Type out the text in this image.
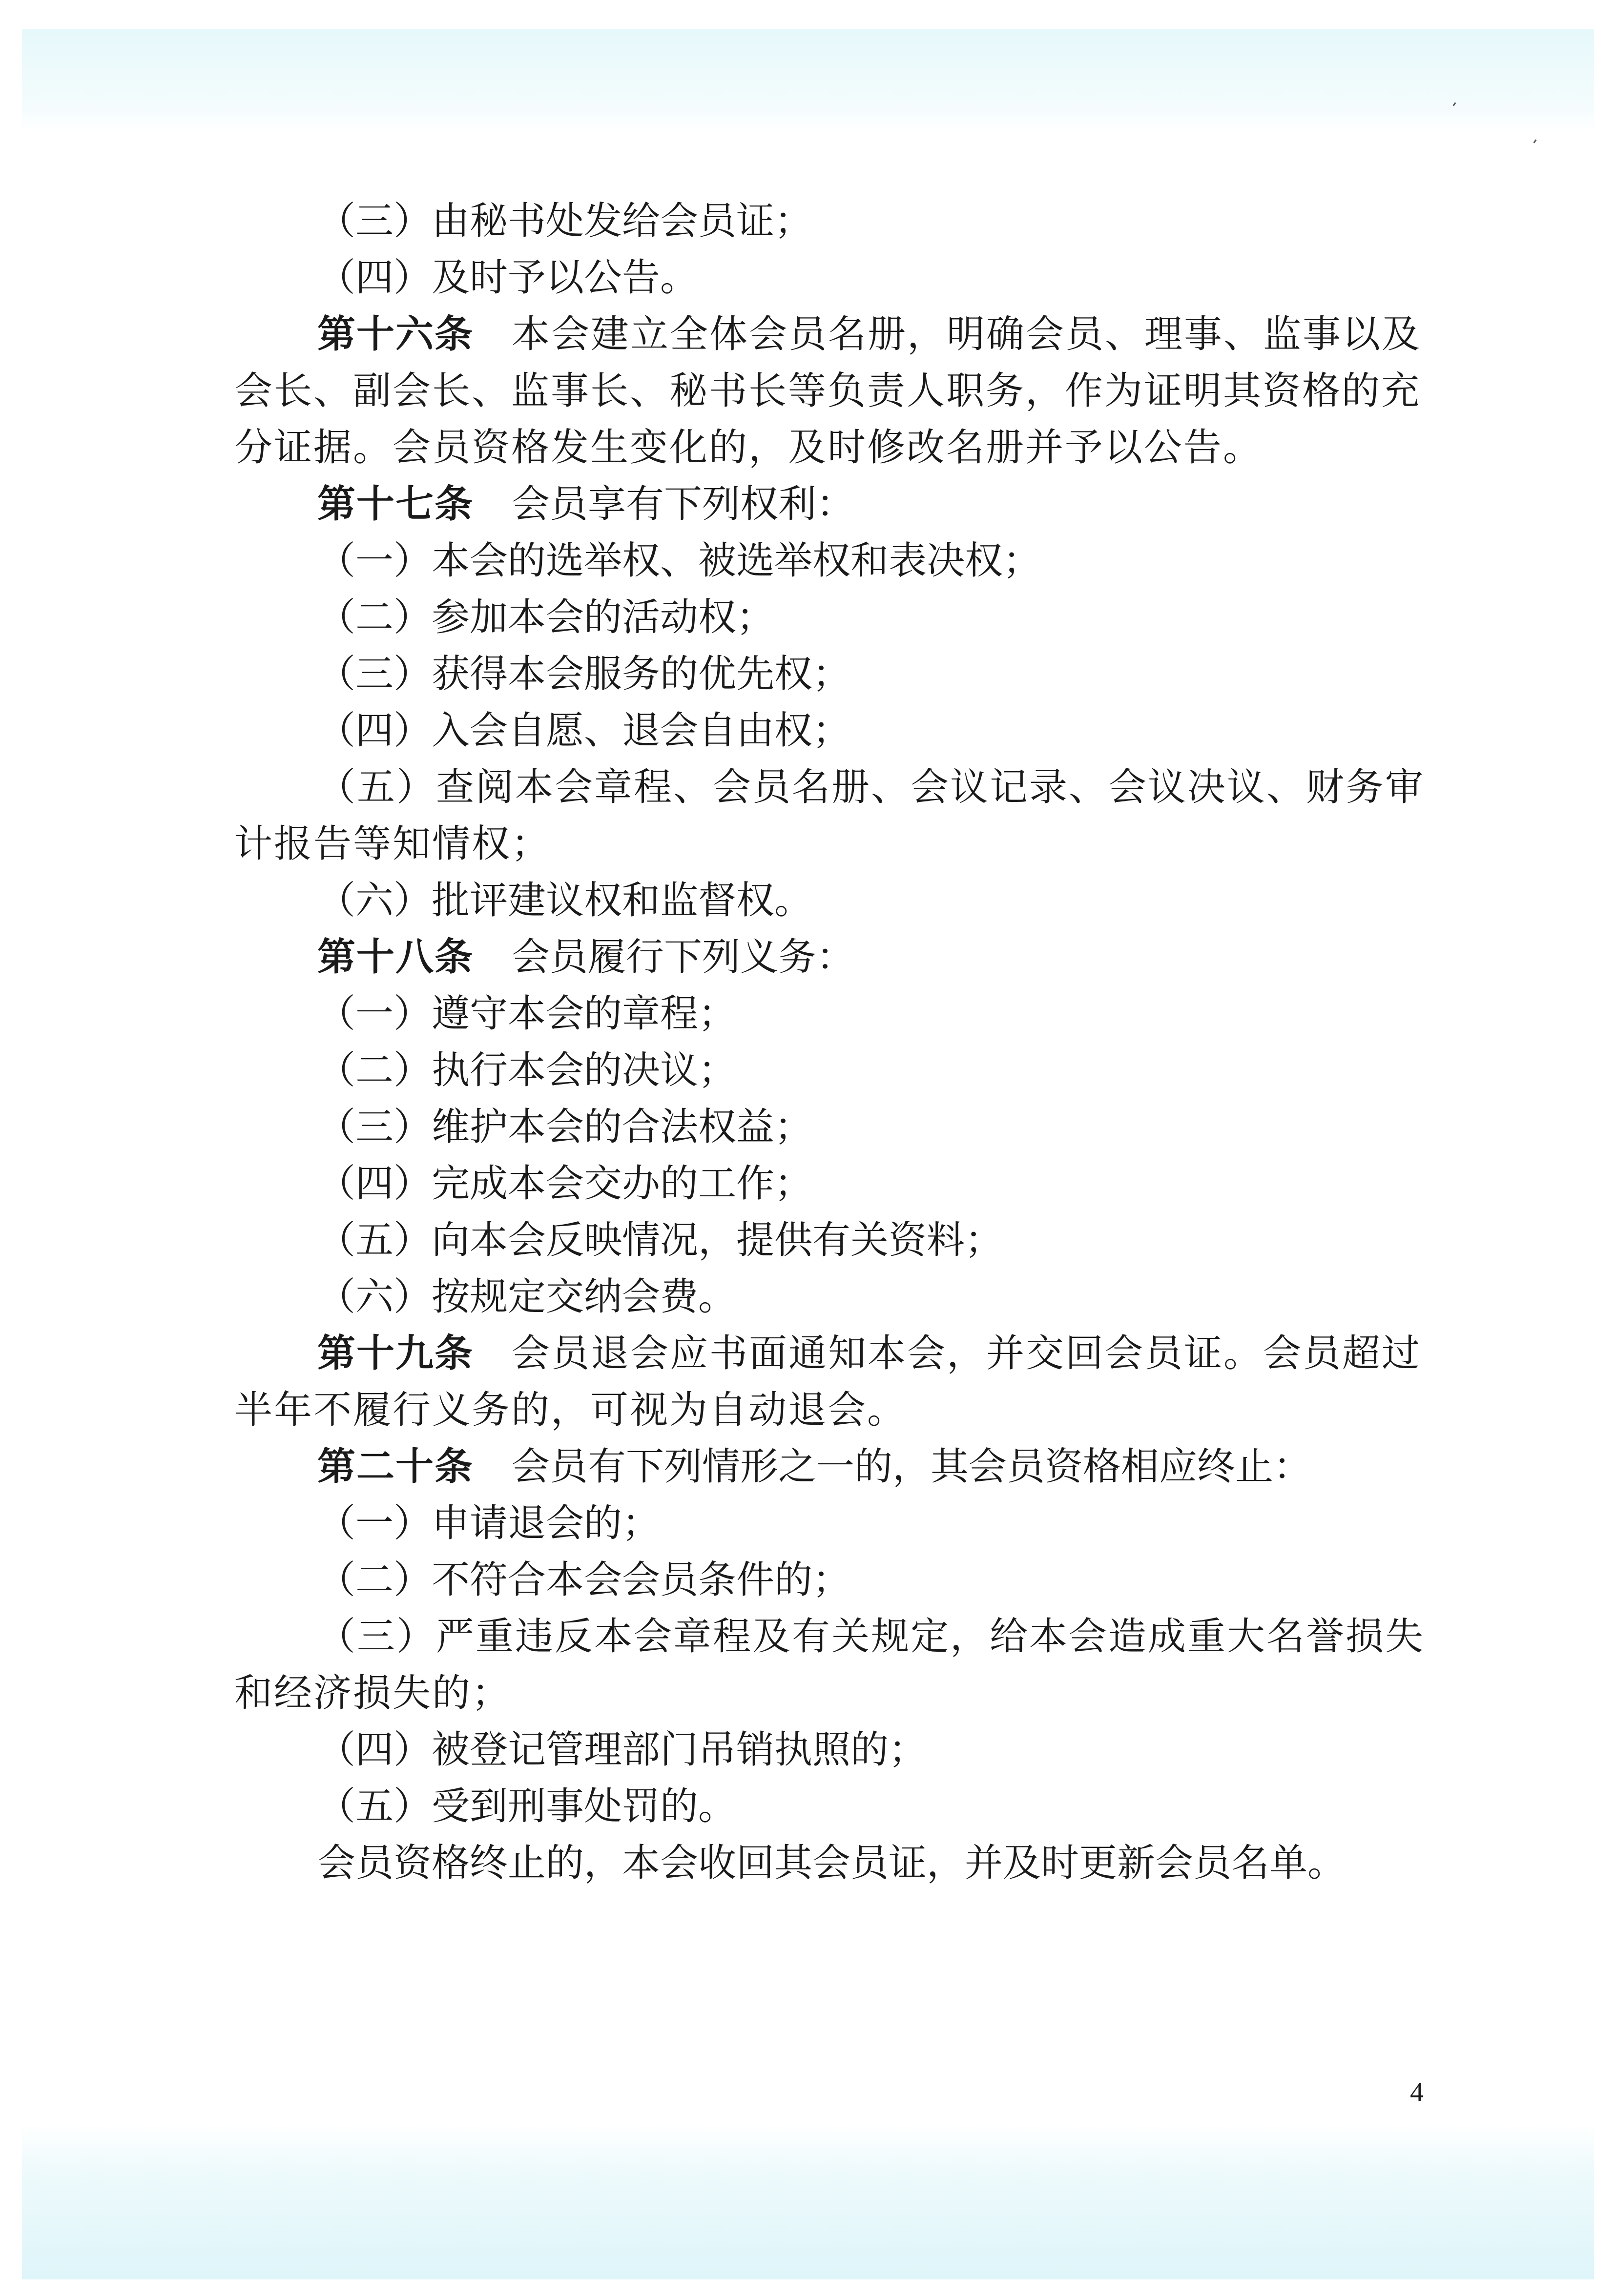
（三）由秘书处发给会员证；
（四）及时予以公告。
第十六条 本会建立全体会员名册，明确会员、理事、监事以及会长、副会长、监事长、秘书长等负责人职务，作为证明其资格的充分证据。会员资格发生变化的，及时修改名册并予以公告。
第十七条 会员享有下列权利：
（一）本会的选举权、被选举权和表决权；
（二）参加本会的活动权；
（三）获得本会服务的优先权；
（四）入会自愿、退会自由权；
（五）查阅本会章程、会员名册、会议记录、会议决议、财务审计报告等知情权；
（六）批评建议权和监督权。
第十八条 会员履行下列义务：
（一）遵守本会的章程；
（二）执行本会的决议；
（三）维护本会的合法权益；
（四）完成本会交办的工作；
（五）向本会反映情况，提供有关资料；
（六）按规定交纳会费。
第十九条 会员退会应书面通知本会，并交回会员证。会员超过半年不履行义务的，可视为自动退会。
第二十条 会员有下列情形之一的，其会员资格相应终止：
（一）申请退会的；
（二）不符合本会会员条件的；
（三）严重违反本会章程及有关规定，给本会造成重大名誉损失和经济损失的；
（四）被登记管理部门吊销执照的；
（五）受到刑事处罚的。
会员资格终止的，本会收回其会员证，并及时更新会员名单。
4
